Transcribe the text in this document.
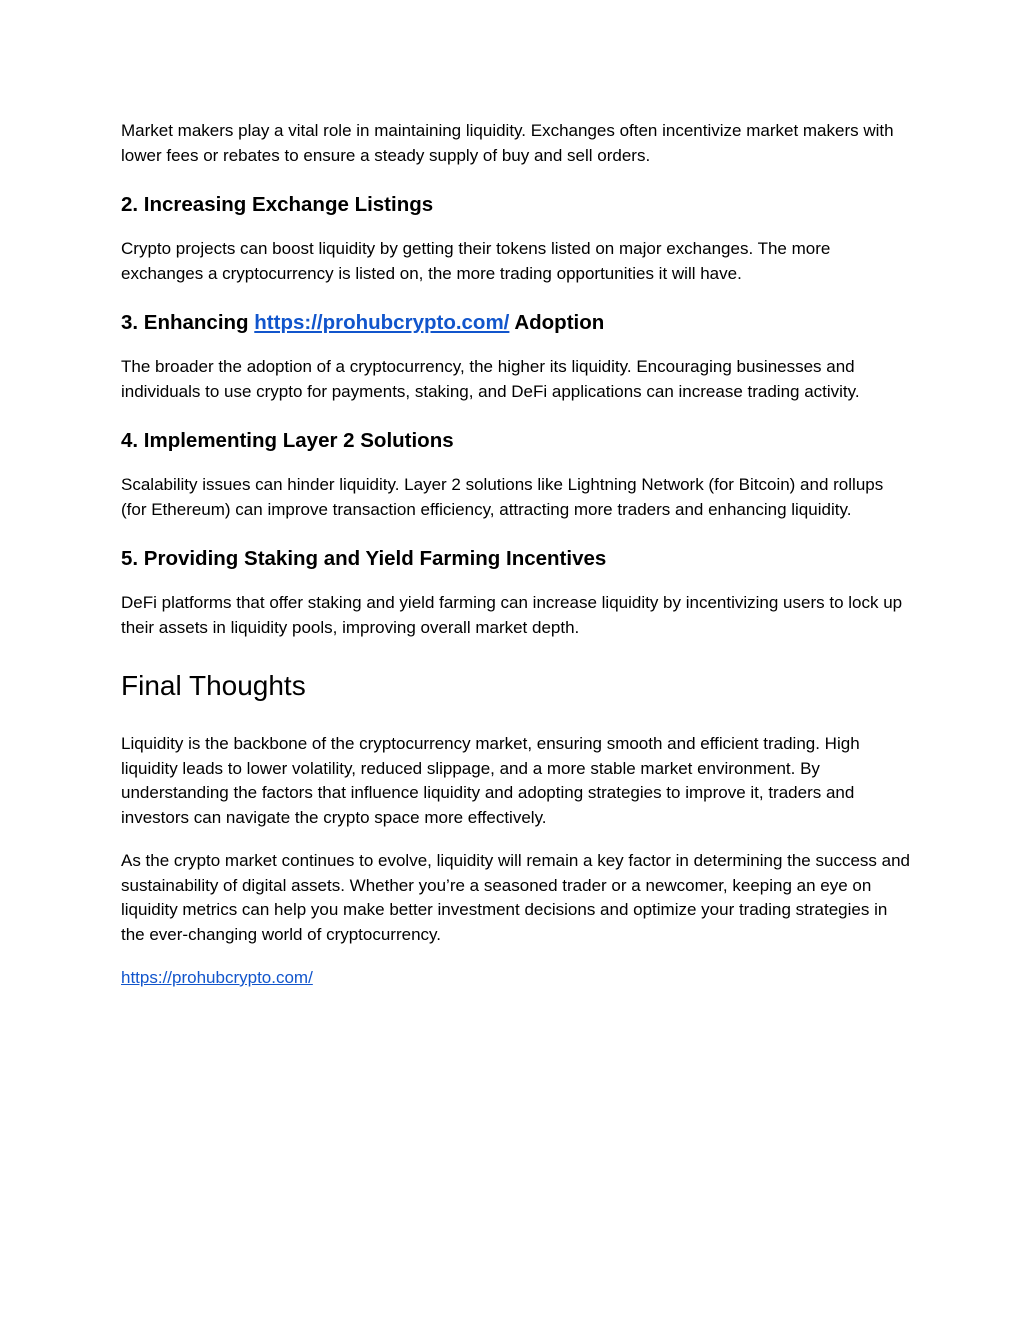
Market makers play a vital role in maintaining liquidity. Exchanges often incentivize market makers with lower fees or rebates to ensure a steady supply of buy and sell orders.

2. Increasing Exchange Listings

Crypto projects can boost liquidity by getting their tokens listed on major exchanges. The more exchanges a cryptocurrency is listed on, the more trading opportunities it will have.

3. Enhancing https://prohubcrypto.com/ Adoption

The broader the adoption of a cryptocurrency, the higher its liquidity. Encouraging businesses and individuals to use crypto for payments, staking, and DeFi applications can increase trading activity.

4. Implementing Layer 2 Solutions

Scalability issues can hinder liquidity. Layer 2 solutions like Lightning Network (for Bitcoin) and rollups (for Ethereum) can improve transaction efficiency, attracting more traders and enhancing liquidity.

5. Providing Staking and Yield Farming Incentives

DeFi platforms that offer staking and yield farming can increase liquidity by incentivizing users to lock up their assets in liquidity pools, improving overall market depth.

Final Thoughts

Liquidity is the backbone of the cryptocurrency market, ensuring smooth and efficient trading. High liquidity leads to lower volatility, reduced slippage, and a more stable market environment. By understanding the factors that influence liquidity and adopting strategies to improve it, traders and investors can navigate the crypto space more effectively.

As the crypto market continues to evolve, liquidity will remain a key factor in determining the success and sustainability of digital assets. Whether you’re a seasoned trader or a newcomer, keeping an eye on liquidity metrics can help you make better investment decisions and optimize your trading strategies in the ever-changing world of cryptocurrency.

https://prohubcrypto.com/
